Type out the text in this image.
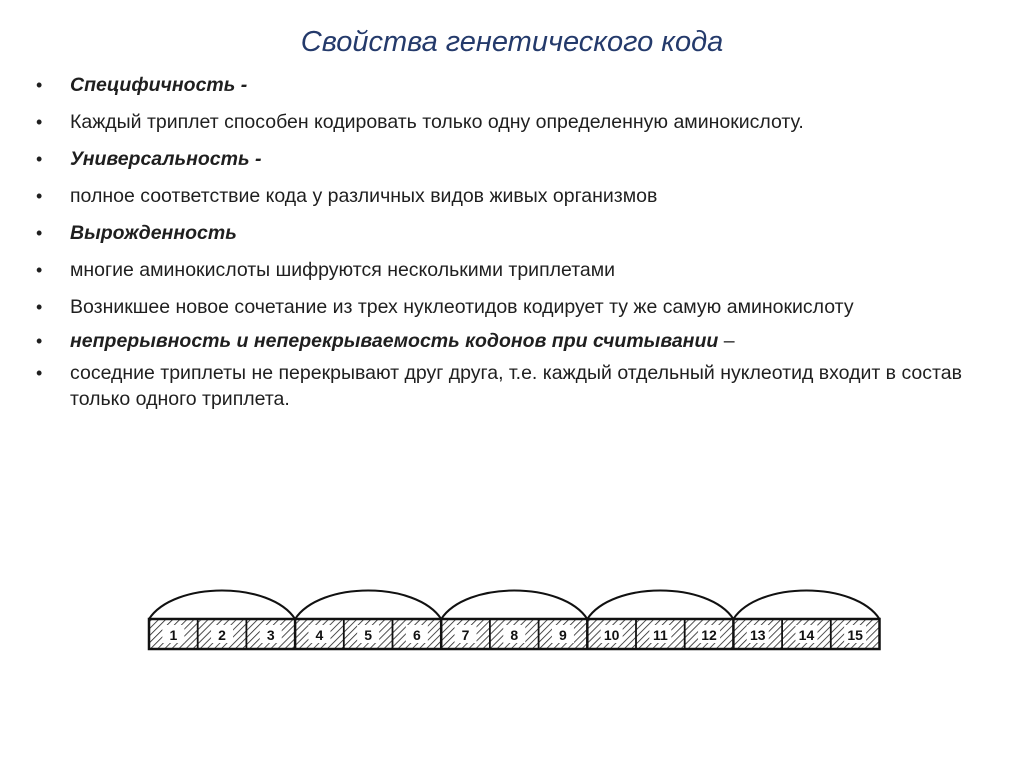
Свойства генетического кода
• Специфичность -
• Каждый триплет способен кодировать только одну определенную аминокислоту.
• Универсальность -
• полное соответствие кода у различных видов живых организмов
• Вырожденность
• многие аминокислоты шифруются несколькими триплетами
• Возникшее новое сочетание из трех нуклеотидов кодирует ту же самую аминокислоту
• непрерывность и неперекрываемость кодонов при считывании –
• соседние триплеты не перекрывают друг друга, т.е. каждый отдельный нуклеотид входит в состав только одного триплета.
1	2	3	4	5	6	7	8	9	10 11 12 13 14 15
